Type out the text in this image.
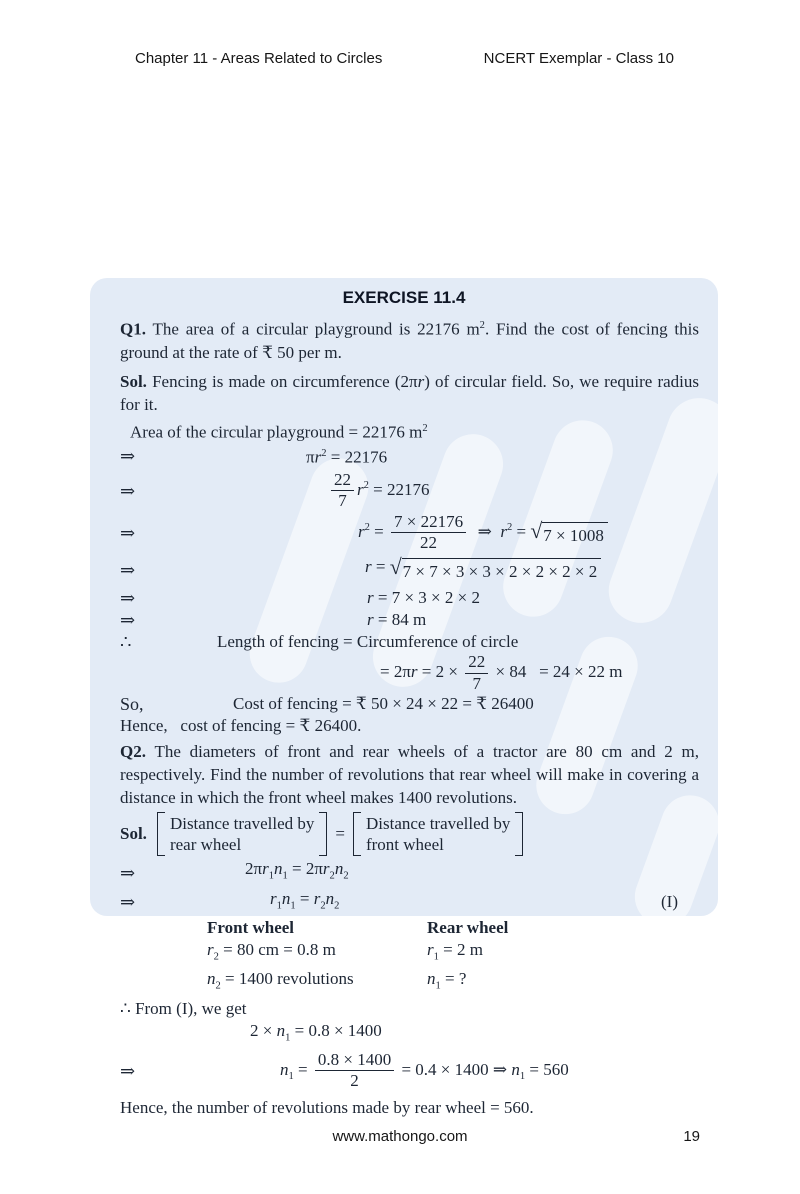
Chapter 11 - Areas Related to Circles	NCERT Exemplar - Class 10
EXERCISE 11.4
Q1. The area of a circular playground is 22176 $m^2$. Find the cost of fencing this ground at the rate of ₹ 50 per m.
Sol. Fencing is made on circumference (2πr) of circular field. So, we require radius for it.
Area of the circular playground = 22176 $m^2$
⇒	$\pi r^2 = 22176$
⇒	$\frac{22}{7} r^2 = 22176$
⇒	$r^2 = \frac{7 \times 22176}{22}$ ⇒  $r^2$ = √ 7 × 1008
⇒	r = √ 7 × 7 × 3 × 3 × 2 × 2 × 2 × 2
⇒	r = 7 × 3 × 2 × 2
⇒	r = 84 m
∴	Length of fencing = Circumference of circle
= $2\pi r = 2 \times \frac{22}{7} \times 84 = 24 \times 22$ m
So,	Cost of fencing = ₹ 50 × 24 × 22 = ₹ 26400
Hence,   cost of fencing = ₹ 26400.
Q2. The diameters of front and rear wheels of a tractor are 80 cm and 2 m, respectively. Find the number of revolutions that rear wheel will make in covering a distance in which the front wheel makes 1400 revolutions.
Sol.
Distance travelled by
rear wheel
=
Distance travelled by
front wheel
⇒	$2\pi r_1n_1 = 2\pi r_2n_2$
⇒	$r_1n_1 = r_2n_2$	(I)
Front wheel	Rear wheel
$r_2 = 80$ cm = 0.8 m	$r_1 = 2$ m
$n_2 = 1400$ revolutions	$n_1$ = ?
∴ From (I), we get
$2 \times n_1 = 0.8 \times 1400$
⇒	$n_1 = \frac{0.8 \times 1400}{2} = 0.4 \times 1400$ ⇒ $n_1 = 560$
Hence, the number of revolutions made by rear wheel = 560.
www.mathongo.com	19
